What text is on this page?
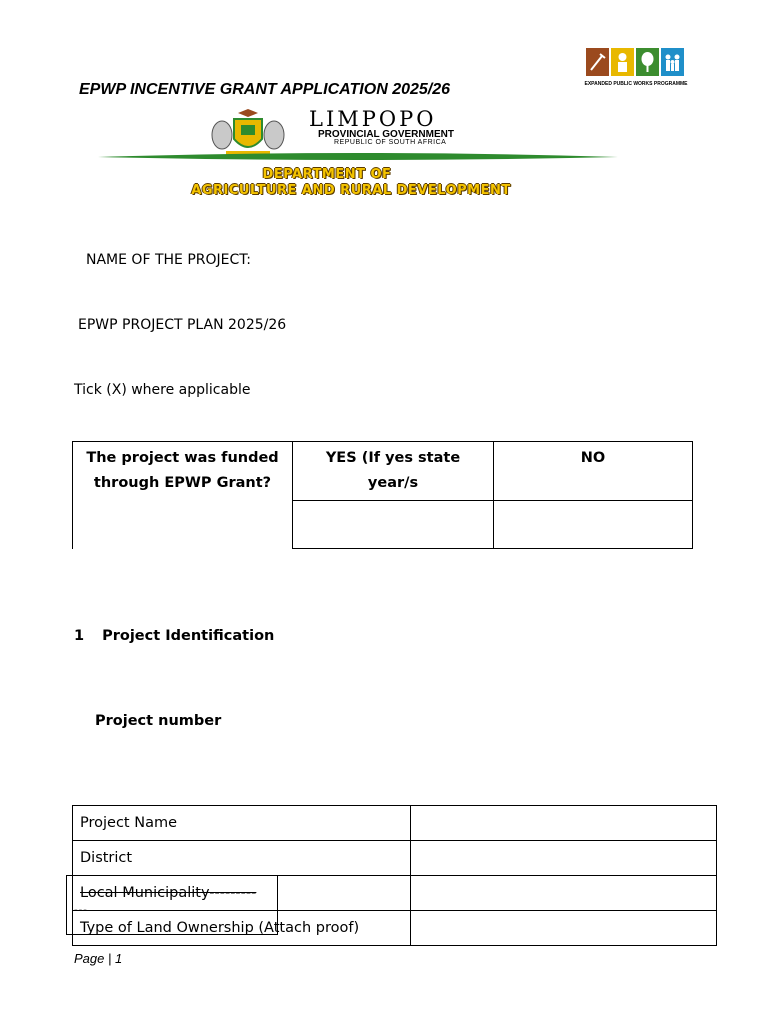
EPWP INCENTIVE GRANT APPLICATION 2025/26	EXPANDED PUBLIC WORKS PROGRAMME
LIMPOPO
PROVINCIAL GOVERNMENT
REPUBLIC OF SOUTH AFRICA
DEPARTMENT OF
AGRICULTURE AND RURAL DEVELOPMENT
NAME OF THE PROJECT:
EPWP PROJECT PLAN 2025/26
Tick (X) where applicable
The project was funded through EPWP Grant?	YES (If yes state year/s	NO

1 Project Identification
Project number
Project Name	
District	
Local Municipality---------	
Type of Land Ownership (Attach proof)	
---
Page | 1
